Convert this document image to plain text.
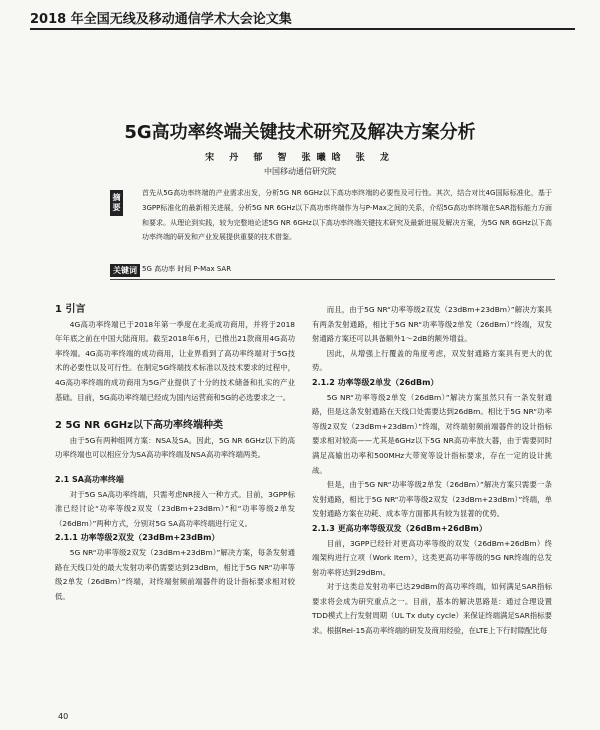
2018 年全国无线及移动通信学术大会论文集
5G高功率终端关键技术研究及解决方案分析
宋 丹 郁 智 张曦晗 张 龙
中国移动通信研究院
摘要	首先从5G高功率终端的产业需求出发，分析5G NR 6GHz以下高功率终端的必要性及可行性。其次，结合对比4G国际标准化，基于3GPP标准化的最新相关进展，分析5G NR 6GHz以下高功率终端作为与P-Max之间的关系，介绍5G高功率终端在SAR指标能力方面和要求。从理论到实践，较为完整地论述5G NR 6GHz以下高功率终端关键技术研究及最新进展及解决方案，为5G NR 6GHz以下高功率终端的研发和产业发展提供重要的技术借鉴。
关键词 5G 高功率 时间 P-Max SAR

1 引言

4G高功率终端已于2018年第一季度在北美成功商用，并将于2018年年底之前在中国大陆商用。截至2018年6月，已推出21款商用4G高功率终端。4G高功率终端的成功商用，让业界看到了高功率终端对于5G技术的必要性以及可行性。在制定5G终端技术标准以及技术要求的过程中，4G高功率终端的成功商用为5G产业提供了十分的技术储备和扎实的产业基础。目前，5G高功率终端已经成为国内运营商和5G的必选要求之一。

2 5G NR 6GHz以下高功率终端种类

由于5G有两种组网方案：NSA及SA。因此，5G NR 6GHz以下的高功率终端也可以相应分为SA高功率终端及NSA高功率终端两类。

2.1 SA高功率终端

对于5G SA高功率终端，只需考虑NR接入一种方式。目前，3GPP标准已经讨论“功率等级2双发（23dBm+23dBm）”和“功率等级2单发（26dBm）”两种方式，分别对5G SA高功率终端进行定义。

2.1.1 功率等级2双发（23dBm+23dBm）

5G NR“功率等级2双发（23dBm+23dBm）”解决方案，每条发射通路在天线口处的最大发射功率仍需要达到23dBm，相比于5G NR“功率等级2单发（26dBm）”终端，对终端射频前端器件的设计指标要求相对较低。

而且，由于5G NR“功率等级2双发（23dBm+23dBm）”解决方案具有两条发射通路，相比于5G NR“功率等级2单发（26dBm）”终端，双发射通路方案还可以具备额外1～2dB的额外增益。

因此，从增强上行覆盖的角度考虑，双发射通路方案具有更大的优势。

2.1.2 功率等级2单发（26dBm）

5G NR“功率等级2单发（26dBm）”解决方案虽然只有一条发射通路，但是这条发射通路在天线口处需要达到26dBm。相比于5G NR“功率等级2双发（23dBm+23dBm）”终端，对终端射频前端器件的设计指标要求相对较高——尤其是6GHz以下5G NR高功率放大器，由于需要同时满足高输出功率和500MHz大带宽等设计指标要求，存在一定的设计挑战。

但是，由于5G NR“功率等级2单发（26dBm）”解决方案只需要一条发射通路，相比于5G NR“功率等级2双发（23dBm+23dBm）”终端，单发射通路方案在功耗、成本等方面都具有较为显著的优势。

2.1.3 更高功率等级双发（26dBm+26dBm）

目前，3GPP已经针对更高功率等级的双发（26dBm+26dBm）终端架构进行立项（Work Item），这类更高功率等级的5G NR终端的总发射功率将达到29dBm。

对于这类总发射功率已达29dBm的高功率终端，如何满足SAR指标要求将会成为研究重点之一。目前，基本的解决思路是：通过合理设置TDD模式上行发射周期（UL Tx duty cycle）来保证终端满足SAR指标要求。根据Rel-15高功率终端的研发及商用经验，在LTE上下行时隙配比每

40
